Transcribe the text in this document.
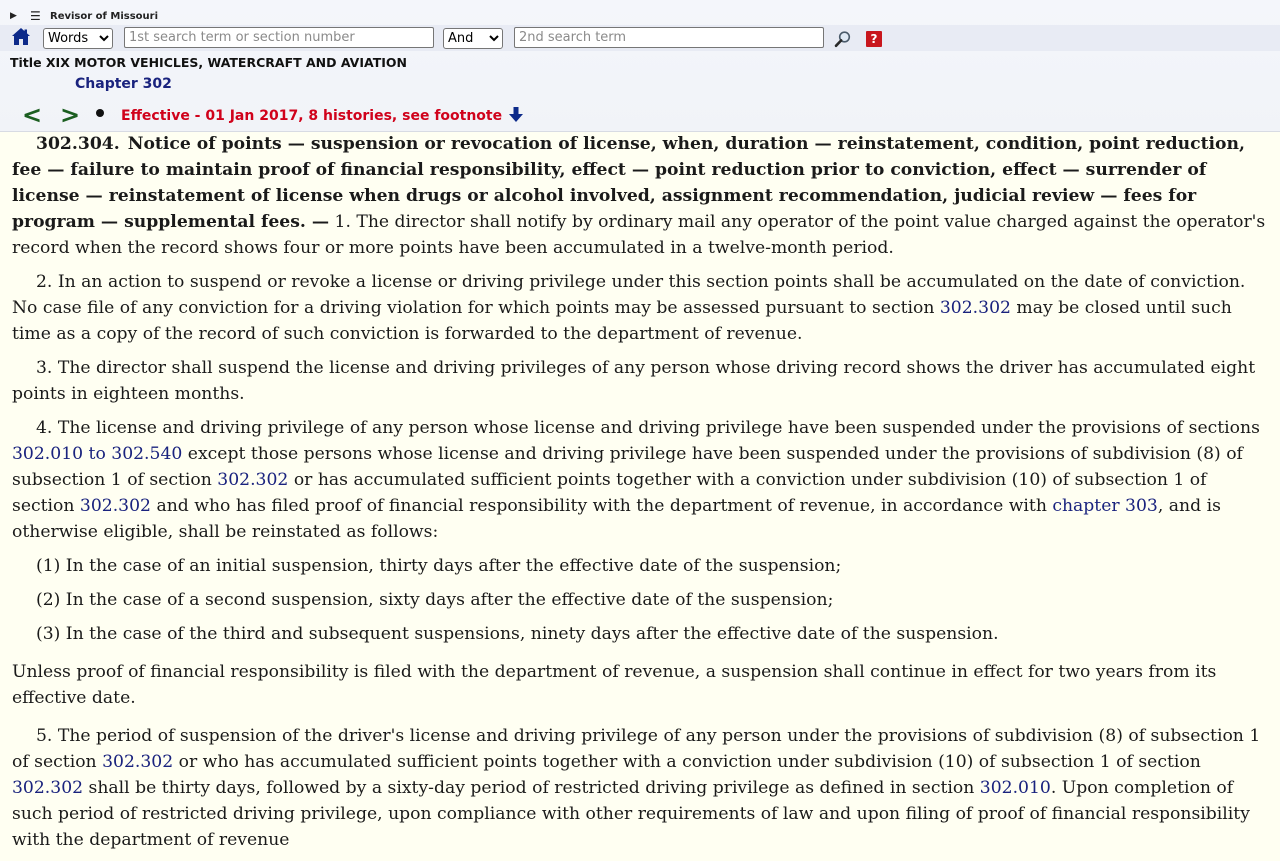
▶	☰ Revisor of Missouri
Words
1st search term or section number
And
2nd search term
?
Title XIX MOTOR VEHICLES, WATERCRAFT AND AVIATION
Chapter 302
< >	Effective - 01 Jan 2017, 8 histories, see footnote

302.304. Notice of points — suspension or revocation of license, when, duration — reinstatement, condition, point reduction, fee — failure to maintain proof of financial responsibility, effect — point reduction prior to conviction, effect — surrender of license — reinstatement of license when drugs or alcohol involved, assignment recommendation, judicial review — fees for program — supplemental fees. — 1. The director shall notify by ordinary mail any operator of the point value charged against the operator's record when the record shows four or more points have been accumulated in a twelve-month period.

2. In an action to suspend or revoke a license or driving privilege under this section points shall be accumulated on the date of conviction. No case file of any conviction for a driving violation for which points may be assessed pursuant to section 302.302 may be closed until such time as a copy of the record of such conviction is forwarded to the department of revenue.

3. The director shall suspend the license and driving privileges of any person whose driving record shows the driver has accumulated eight points in eighteen months.

4. The license and driving privilege of any person whose license and driving privilege have been suspended under the provisions of sections 302.010 to 302.540 except those persons whose license and driving privilege have been suspended under the provisions of subdivision (8) of subsection 1 of section 302.302 or has accumulated sufficient points together with a conviction under subdivision (10) of subsection 1 of section 302.302 and who has filed proof of financial responsibility with the department of revenue, in accordance with chapter 303, and is otherwise eligible, shall be reinstated as follows:

(1) In the case of an initial suspension, thirty days after the effective date of the suspension;

(2) In the case of a second suspension, sixty days after the effective date of the suspension;

(3) In the case of the third and subsequent suspensions, ninety days after the effective date of the suspension.

Unless proof of financial responsibility is filed with the department of revenue, a suspension shall continue in effect for two years from its effective date.

5. The period of suspension of the driver's license and driving privilege of any person under the provisions of subdivision (8) of subsection 1 of section 302.302 or who has accumulated sufficient points together with a conviction under subdivision (10) of subsection 1 of section 302.302 shall be thirty days, followed by a sixty-day period of restricted driving privilege as defined in section 302.010. Upon completion of such period of restricted driving privilege, upon compliance with other requirements of law and upon filing of proof of financial responsibility with the department of revenue
